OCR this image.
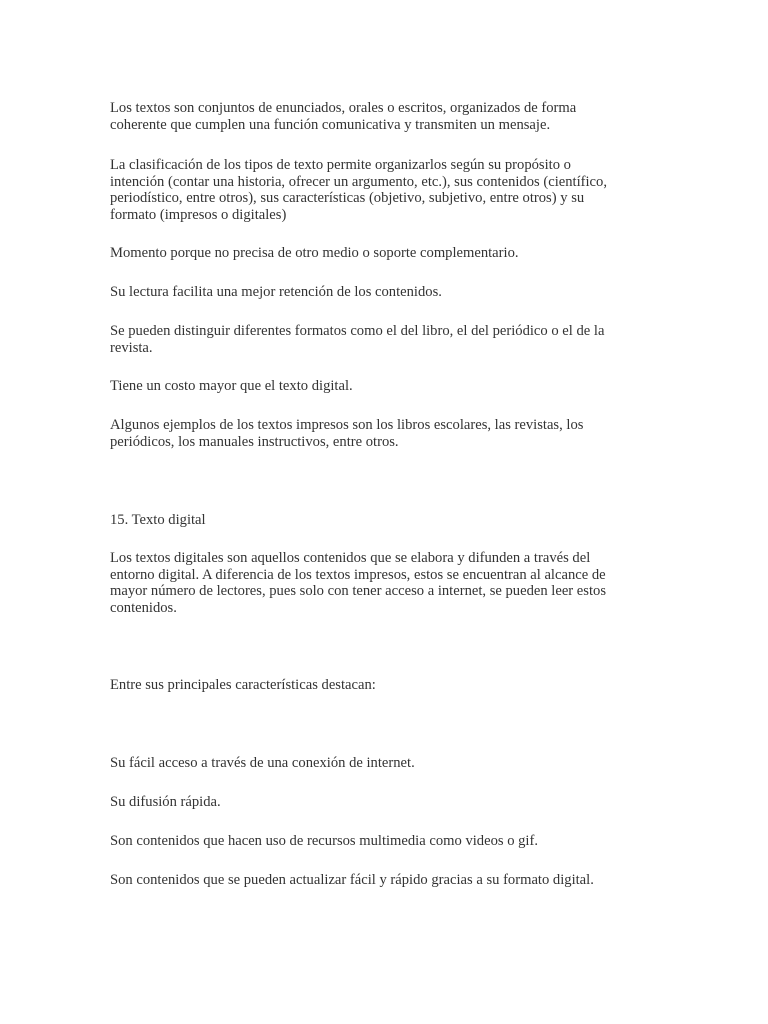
Los textos son conjuntos de enunciados, orales o escritos, organizados de forma
coherente que cumplen una función comunicativa y transmiten un mensaje.

La clasificación de los tipos de texto permite organizarlos según su propósito o
intención (contar una historia, ofrecer un argumento, etc.), sus contenidos (científico,
periodístico, entre otros), sus características (objetivo, subjetivo, entre otros) y su
formato (impresos o digitales)

Momento porque no precisa de otro medio o soporte complementario.

Su lectura facilita una mejor retención de los contenidos.

Se pueden distinguir diferentes formatos como el del libro, el del periódico o el de la
revista.

Tiene un costo mayor que el texto digital.

Algunos ejemplos de los textos impresos son los libros escolares, las revistas, los
periódicos, los manuales instructivos, entre otros.

15. Texto digital

Los textos digitales son aquellos contenidos que se elabora y difunden a través del
entorno digital. A diferencia de los textos impresos, estos se encuentran al alcance de
mayor número de lectores, pues solo con tener acceso a internet, se pueden leer estos
contenidos.

Entre sus principales características destacan:

Su fácil acceso a través de una conexión de internet.

Su difusión rápida.

Son contenidos que hacen uso de recursos multimedia como videos o gif.

Son contenidos que se pueden actualizar fácil y rápido gracias a su formato digital.
